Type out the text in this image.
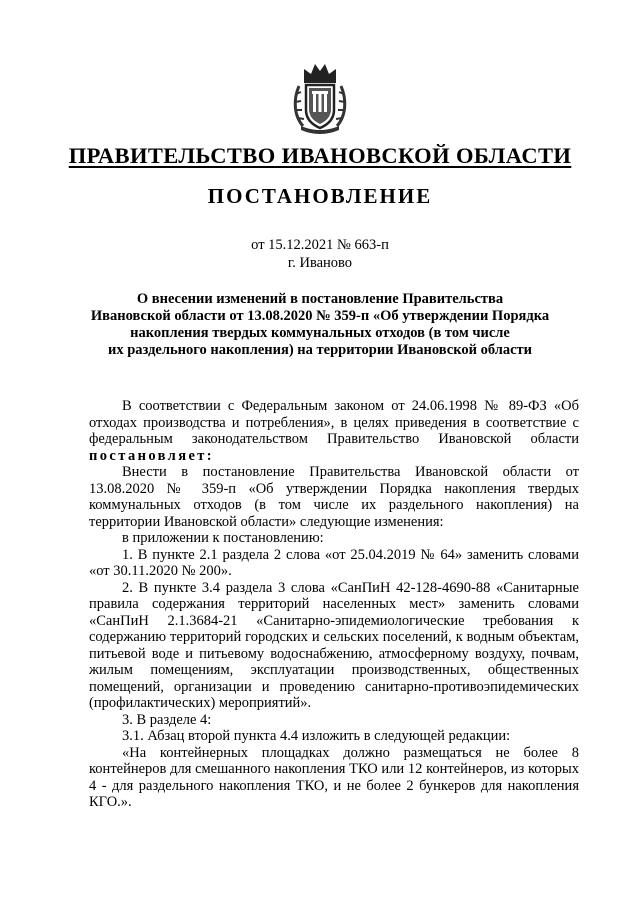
ПРАВИТЕЛЬСТВО ИВАНОВСКОЙ ОБЛАСТИ
ПОСТАНОВЛЕНИЕ
от 15.12.2021 № 663-п
г. Иваново
О внесении изменений в постановление Правительства
Ивановской области от 13.08.2020 № 359-п «Об утверждении Порядка
накопления твердых коммунальных отходов (в том числе
их раздельного накопления) на территории Ивановской области

В соответствии с Федеральным законом от 24.06.1998 № 89-ФЗ «Об отходах производства и потребления», в целях приведения в соответствие с федеральным законодательством Правительство Ивановской области постановляет:

Внести в постановление Правительства Ивановской области от 13.08.2020 № 359-п «Об утверждении Порядка накопления твердых коммунальных отходов (в том числе их раздельного накопления) на территории Ивановской области» следующие изменения:

в приложении к постановлению:

1. В пункте 2.1 раздела 2 слова «от 25.04.2019 № 64» заменить словами «от 30.11.2020 № 200».

2. В пункте 3.4 раздела 3 слова «СанПиН 42-128-4690-88 «Санитарные правила содержания территорий населенных мест» заменить словами «СанПиН 2.1.3684-21 «Санитарно-эпидемиологические требования к содержанию территорий городских и сельских поселений, к водным объектам, питьевой воде и питьевому водоснабжению, атмосферному воздуху, почвам, жилым помещениям, эксплуатации производственных, общественных помещений, организации и проведению санитарно-противоэпидемических (профилактических) мероприятий».

3. В разделе 4:

3.1. Абзац второй пункта 4.4 изложить в следующей редакции:

«На контейнерных площадках должно размещаться не более 8 контейнеров для смешанного накопления ТКО или 12 контейнеров, из которых 4 - для раздельного накопления ТКО, и не более 2 бункеров для накопления КГО.».
